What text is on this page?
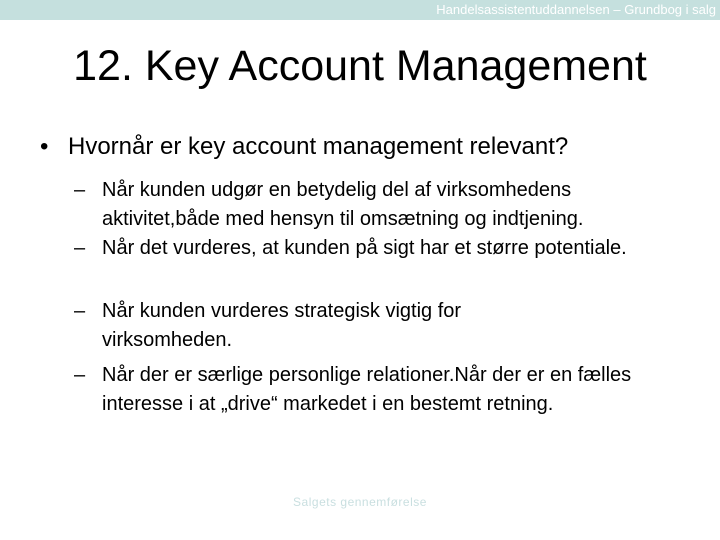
Handelsassistentuddannelsen – Grundbog i salg
12. Key Account Management
• Hvornår er key account management relevant?
– Når kunden udgør en betydelig del af virksomhedens aktivitet,både med hensyn til omsætning og indtjening.
– Når det vurderes, at kunden på sigt har et større potentiale.
– Når kunden vurderes strategisk vigtig for virksomheden.
– Når der er særlige personlige relationer.Når der er en fælles interesse i at „drive“ markedet i en bestemt retning.
Salgets gennemførelse
